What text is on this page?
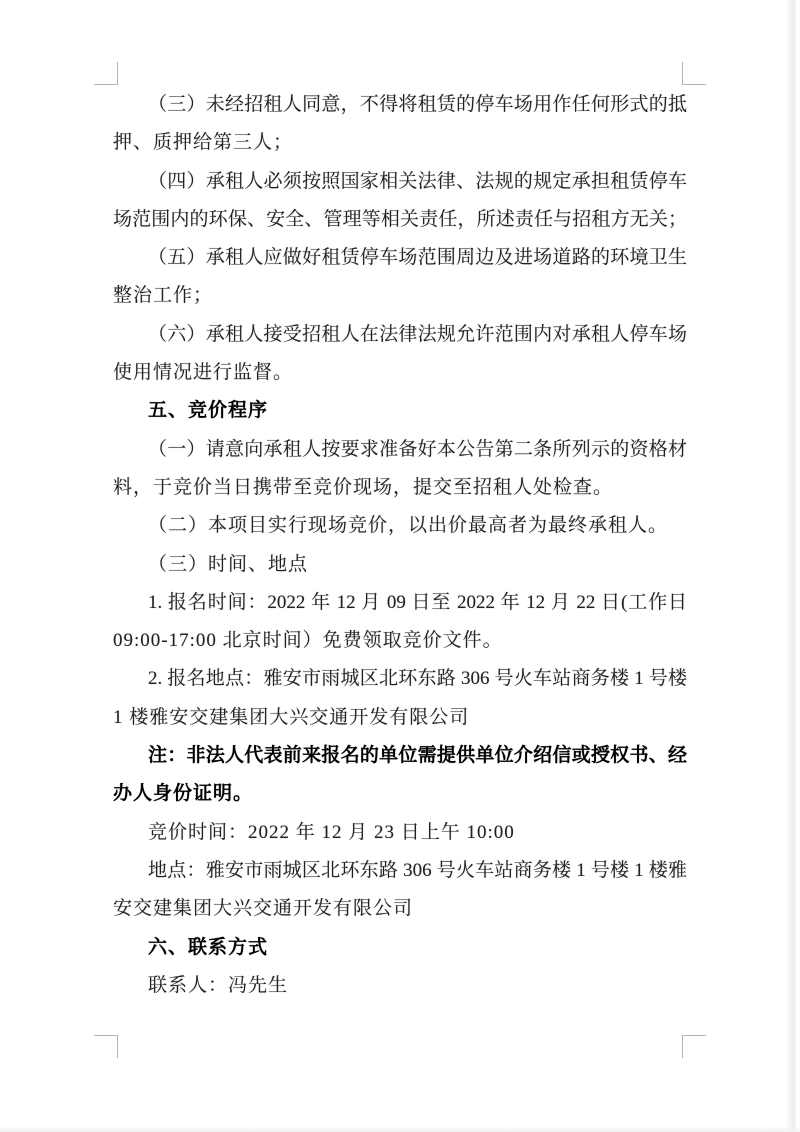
（三）未经招租人同意，不得将租赁的停车场用作任何形式的抵
押、质押给第三人；
（四）承租人必须按照国家相关法律、法规的规定承担租赁停车
场范围内的环保、安全、管理等相关责任，所述责任与招租方无关；
（五）承租人应做好租赁停车场范围周边及进场道路的环境卫生
整治工作；
（六）承租人接受招租人在法律法规允许范围内对承租人停车场
使用情况进行监督。
五、竞价程序
（一）请意向承租人按要求准备好本公告第二条所列示的资格材
料，于竞价当日携带至竞价现场，提交至招租人处检查。
（二）本项目实行现场竞价，以出价最高者为最终承租人。
（三）时间、地点
1. 报名时间：2022 年 12 月 09 日至 2022 年 12 月 22 日(工作日
09:00-17:00 北京时间）免费领取竞价文件。
2. 报名地点：雅安市雨城区北环东路 306 号火车站商务楼 1 号楼
1 楼雅安交建集团大兴交通开发有限公司
注：非法人代表前来报名的单位需提供单位介绍信或授权书、经
办人身份证明。
竞价时间：2022 年 12 月 23 日上午 10:00
地点：雅安市雨城区北环东路 306 号火车站商务楼 1 号楼 1 楼雅
安交建集团大兴交通开发有限公司
六、联系方式
联系人：冯先生
